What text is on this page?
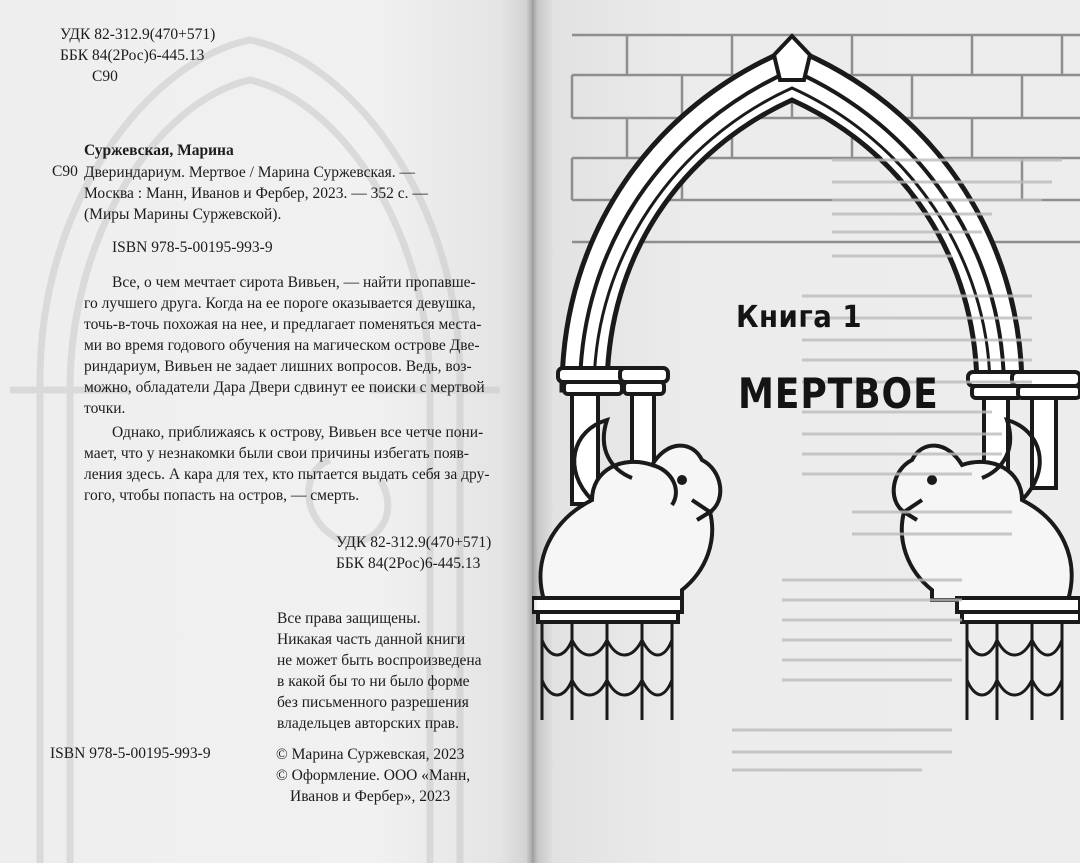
УДК 82-312.9(470+571)
ББК 84(2Рос)6-445.13
С90
Суржевская, Марина
С90 Двериндариум. Мертвое / Марина Суржевская. —
Москва : Манн, Иванов и Фербер, 2023. — 352 с. —
(Миры Марины Суржевской).
ISBN 978-5-00195-993-9
Все, о чем мечтает сирота Вивьен, — найти пропавше-
го лучшего друга. Когда на ее пороге оказывается девушка,
точь-в-точь похожая на нее, и предлагает поменяться места-
ми во время годового обучения на магическом острове Две-
риндариум, Вивьен не задает лишних вопросов. Ведь, воз-
можно, обладатели Дара Двери сдвинут ее поиски с мертвой
точки.
Однако, приближаясь к острову, Вивьен все четче пони-
мает, что у незнакомки были свои причины избегать появ-
ления здесь. А кара для тех, кто пытается выдать себя за дру-
гого, чтобы попасть на остров, — смерть.
УДК 82-312.9(470+571)
ББК 84(2Рос)6-445.13
Все права защищены.
Никакая часть данной книги
не может быть воспроизведена
в какой бы то ни было форме
без письменного разрешения
владельцев авторских прав.
ISBN 978-5-00195-993-9	© Марина Суржевская, 2023
© Оформление. ООО «Манн,
Иванов и Фербер», 2023
Книга 1
МЕРТВОЕ
